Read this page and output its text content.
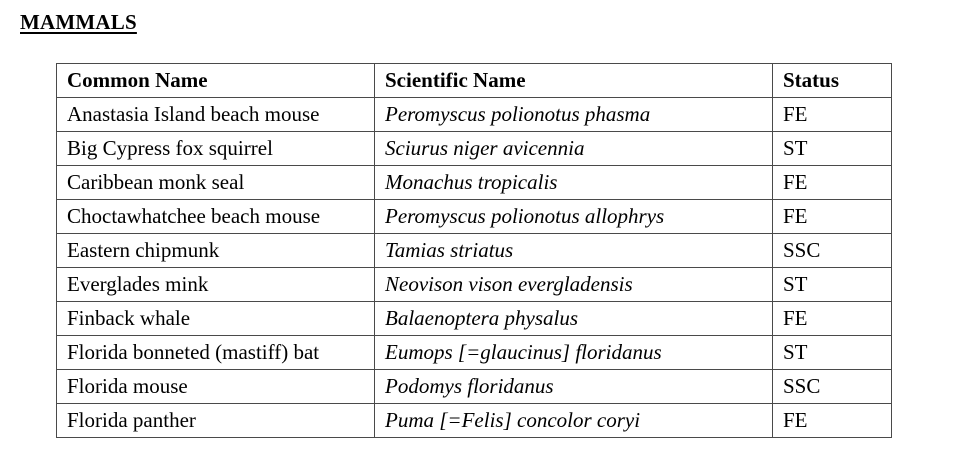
MAMMALS
Common Name	Scientific Name	Status
Anastasia Island beach mouse	Peromyscus polionotus phasma	FE
Big Cypress fox squirrel	Sciurus niger avicennia	ST
Caribbean monk seal	Monachus tropicalis	FE
Choctawhatchee beach mouse	Peromyscus polionotus allophrys	FE
Eastern chipmunk	Tamias striatus	SSC
Everglades mink	Neovison vison evergladensis	ST
Finback whale	Balaenoptera physalus	FE
Florida bonneted (mastiff) bat	Eumops [=glaucinus] floridanus	ST
Florida mouse	Podomys floridanus	SSC
Florida panther	Puma [=Felis] concolor coryi	FE
